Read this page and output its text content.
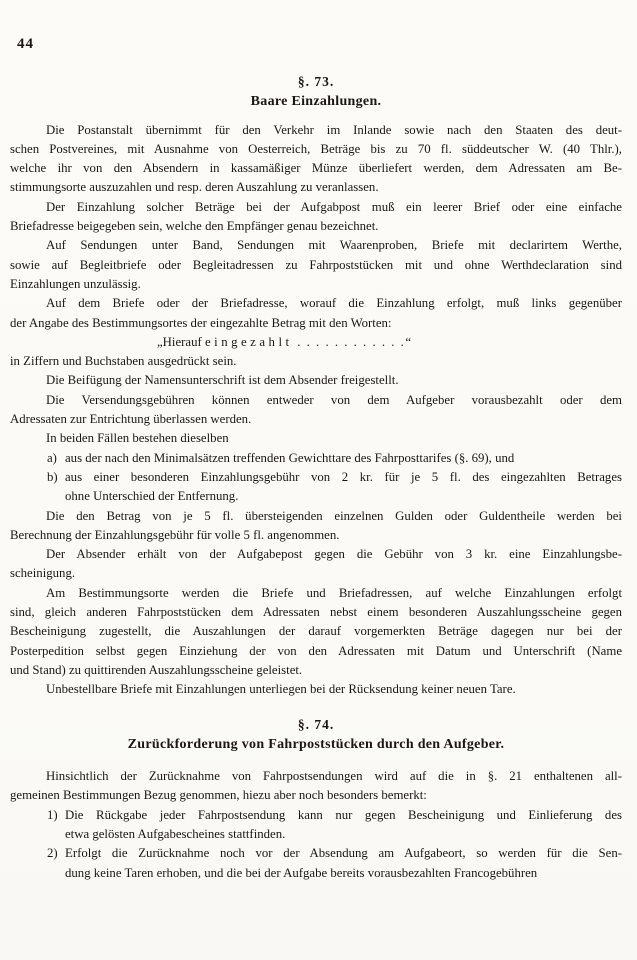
44
§. 73.
Baare Einzahlungen.
Die Postanstalt übernimmt für den Verkehr im Inlande sowie nach den Staaten des deut-
schen Postvereines, mit Ausnahme von Oesterreich, Beträge bis zu 70 fl. süddeutscher W. (40 Thlr.),
welche ihr von den Absendern in kassamäßiger Münze überliefert werden, dem Adressaten am Be-
stimmungsorte auszuzahlen und resp. deren Auszahlung zu veranlassen.
Der Einzahlung solcher Beträge bei der Aufgabpost muß ein leerer Brief oder eine einfache
Briefadresse beigegeben sein, welche den Empfänger genau bezeichnet.
Auf Sendungen unter Band, Sendungen mit Waarenproben, Briefe mit declarirtem Werthe,
sowie auf Begleitbriefe oder Begleitadressen zu Fahrpoststücken mit und ohne Werthdeclaration sind
Einzahlungen unzulässig.
Auf dem Briefe oder der Briefadresse, worauf die Einzahlung erfolgt, muß links gegenüber
der Angabe des Bestimmungsortes der eingezahlte Betrag mit den Worten:
„Hierauf eingezahlt . . . . . . . . . . . .“
in Ziffern und Buchstaben ausgedrückt sein.
Die Beifügung der Namensunterschrift ist dem Absender freigestellt.
Die Versendungsgebühren können entweder von dem Aufgeber vorausbezahlt oder dem
Adressaten zur Entrichtung überlassen werden.
In beiden Fällen bestehen dieselben
a) aus der nach den Minimalsätzen treffenden Gewichttare des Fahrposttarifes (§. 69), und
b) aus einer besonderen Einzahlungsgebühr von 2 kr. für je 5 fl. des eingezahlten Betrages
ohne Unterschied der Entfernung.
Die den Betrag von je 5 fl. übersteigenden einzelnen Gulden oder Guldentheile werden bei
Berechnung der Einzahlungsgebühr für volle 5 fl. angenommen.
Der Absender erhält von der Aufgabepost gegen die Gebühr von 3 kr. eine Einzahlungsbe-
scheinigung.
Am Bestimmungsorte werden die Briefe und Briefadressen, auf welche Einzahlungen erfolgt
sind, gleich anderen Fahrpoststücken dem Adressaten nebst einem besonderen Auszahlungsscheine gegen
Bescheinigung zugestellt, die Auszahlungen der darauf vorgemerkten Beträge dagegen nur bei der
Posterpedition selbst gegen Einziehung der von den Adressaten mit Datum und Unterschrift (Name
und Stand) zu quittirenden Auszahlungsscheine geleistet.
Unbestellbare Briefe mit Einzahlungen unterliegen bei der Rücksendung keiner neuen Tare.
§. 74.
Zurückforderung von Fahrpoststücken durch den Aufgeber.
Hinsichtlich der Zurücknahme von Fahrpostsendungen wird auf die in §. 21 enthaltenen all-
gemeinen Bestimmungen Bezug genommen, hiezu aber noch besonders bemerkt:
1) Die Rückgabe jeder Fahrpostsendung kann nur gegen Bescheinigung und Einlieferung des
etwa gelösten Aufgabescheines stattfinden.
2) Erfolgt die Zurücknahme noch vor der Absendung am Aufgabeort, so werden für die Sen-
dung keine Taren erhoben, und die bei der Aufgabe bereits vorausbezahlten Francogebühren
